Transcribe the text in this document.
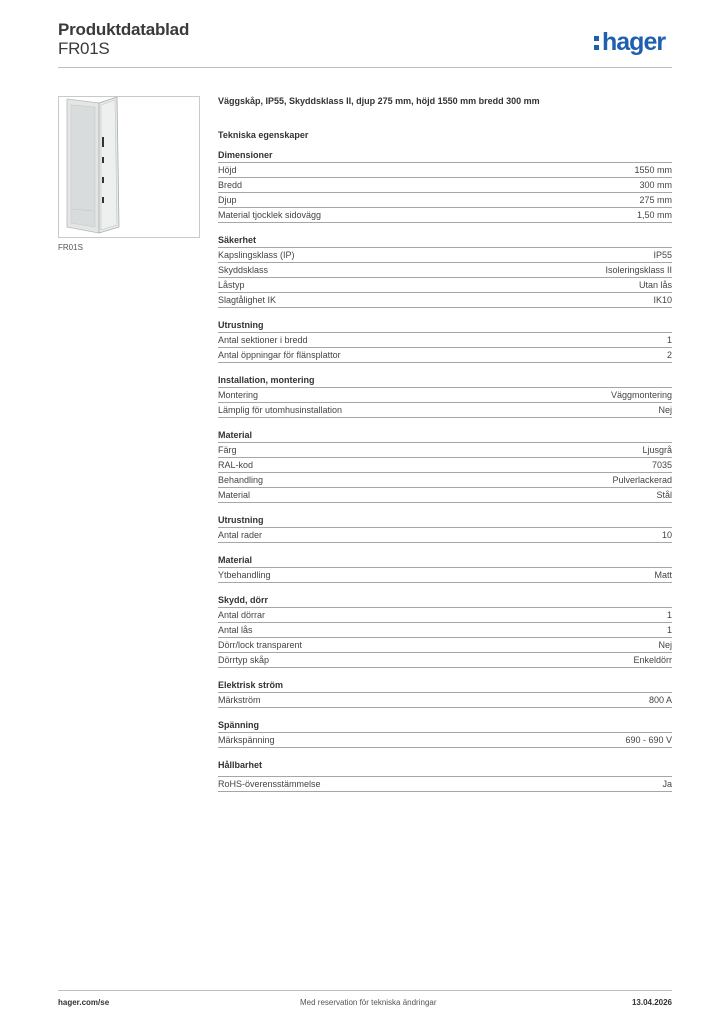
Produktdatablad
FR01S	hager
FR01S
Väggskåp, IP55, Skyddsklass II, djup 275 mm, höjd 1550 mm bredd 300 mm
Tekniska egenskaper
Dimensioner
Höjd	1550 mm
Bredd	300 mm
Djup	275 mm
Material tjocklek sidovägg	1,50 mm
Säkerhet
Kapslingsklass (IP)	IP55
Skyddsklass	Isoleringsklass II
Låstyp	Utan lås
Slagtålighet IK	IK10
Utrustning
Antal sektioner i bredd	1
Antal öppningar för flänsplattor	2
Installation, montering
Montering	Väggmontering
Lämplig för utomhusinstallation	Nej
Material
Färg	Ljusgrå
RAL-kod	7035
Behandling	Pulverlackerad
Material	Stål
Utrustning
Antal rader	10
Material
Ytbehandling	Matt
Skydd, dörr
Antal dörrar	1
Antal lås	1
Dörr/lock transparent	Nej
Dörrtyp skåp	Enkeldörr
Elektrisk ström
Märkström	800 A
Spänning
Märkspänning	690 - 690 V
Hållbarhet
RoHS-överensstämmelse	Ja
hager.com/se	Med reservation för tekniska ändringar	13.04.2026
